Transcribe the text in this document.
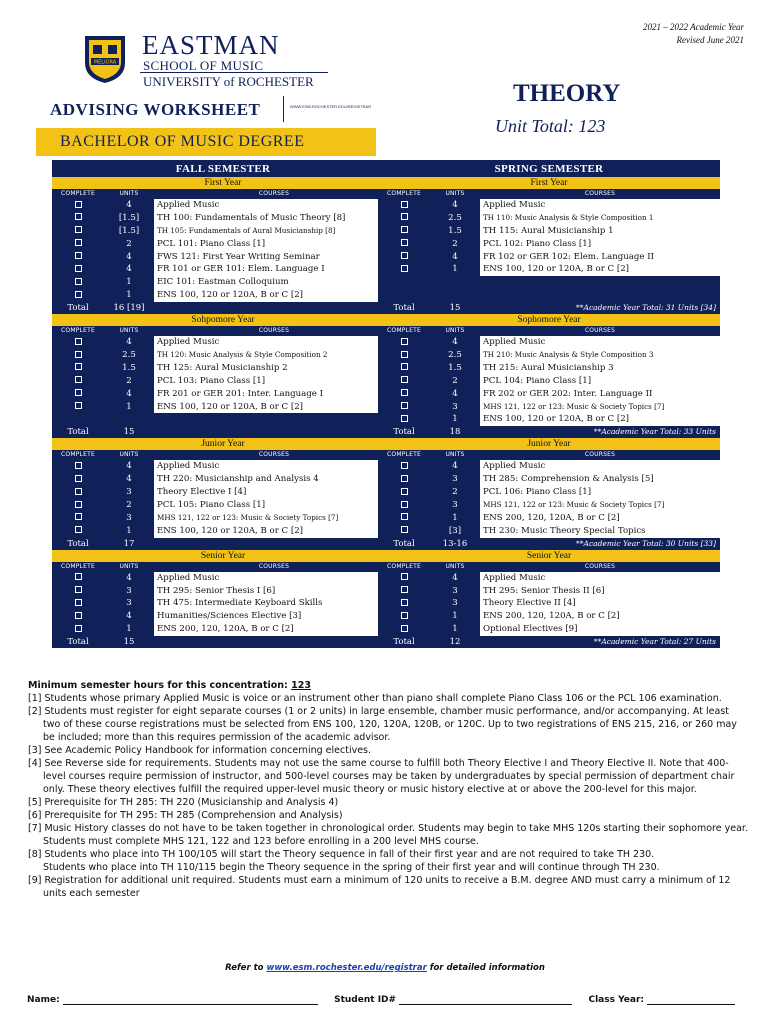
MELIORA
EASTMAN
SCHOOL OF MUSIC
UNIVERSITY of ROCHESTER
ADVISING WORKSHEET	WWW.ESM.ROCHESTER.EDU/REGISTRAR
BACHELOR OF MUSIC DEGREE
2021 – 2022 Academic Year
Revised June 2021
THEORY
Unit Total: 123
FALL SEMESTER
First Year
COMPLETE	UNITS	COURSES
4	Applied Music
[1.5]	TH 100: Fundamentals of Music Theory [8]
[1.5]	TH 105: Fundamentals of Aural Musicianship [8]
2	PCL 101: Piano Class [1]
4	FWS 121: First Year Writing Seminar
4	FR 101 or GER 101: Elem. Language I
1	EIC 101: Eastman Colloquium
1	ENS 100, 120 or 120A, B or C [2]
Total	16 [19]
Sohpomore Year
COMPLETE	UNITS	COURSES
4	Applied Music
2.5	TH 120: Music Analysis & Style Composition 2
1.5	TH 125: Aural Musicianship 2
2	PCL 103: Piano Class [1]
4	FR 201 or GER 201: Inter. Language I
1	ENS 100, 120 or 120A, B or C [2]
Total	15
Junior Year
COMPLETE	UNITS	COURSES
4	Applied Music
4	TH 220: Musicianship and Analysis 4
3	Theory Elective I [4]
2	PCL 105: Piano Class [1]
3	MHS 121, 122 or 123: Music & Society Topics [7]
1	ENS 100, 120 or 120A, B or C [2]
Total	17
Senior Year
COMPLETE	UNITS	COURSES
4	Applied Music
3	TH 295: Senior Thesis I [6]
3	TH 475: Intermediate Keyboard Skills
4	Humanities/Sciences Elective [3]
1	ENS 200, 120, 120A, B or C [2]
Total	15
SPRING SEMESTER
First Year
COMPLETE	UNITS	COURSES
4	Applied Music
2.5	TH 110: Music Analysis & Style Composition 1
1.5	TH 115: Aural Musicianship 1
2	PCL 102: Piano Class [1]
4	FR 102 or GER 102: Elem. Language II
1	ENS 100, 120 or 120A, B or C [2]
Total	15	**Academic Year Total: 31 Units [34]
Sophomore Year
COMPLETE	UNITS	COURSES
4	Applied Music
2.5	TH 210: Music Analysis & Style Composition 3
1.5	TH 215: Aural Musicianship 3
2	PCL 104: Piano Class [1]
4	FR 202 or GER 202: Inter. Language II
3	MHS 121, 122 or 123: Music & Society Topics [7]
1	ENS 100, 120 or 120A, B or C [2]
Total	18	**Academic Year Total: 33 Units
Junior Year
COMPLETE	UNITS	COURSES
4	Applied Music
3	TH 285: Comprehension & Analysis [5]
2	PCL 106: Piano Class [1]
3	MHS 121, 122 or 123: Music & Society Topics [7]
1	ENS 200, 120, 120A, B or C [2]
[3]	TH 230: Music Theory Special Topics
Total	13-16	**Academic Year Total: 30 Units [33]
Senior Year
COMPLETE	UNITS	COURSES
4	Applied Music
3	TH 295: Senior Thesis II [6]
3	Theory Elective II [4]
1	ENS 200, 120, 120A, B or C [2]
1	Optional Electives [9]
Total	12	**Academic Year Total: 27 Units
Minimum semester hours for this concentration: 123
[1] Students whose primary Applied Music is voice or an instrument other than piano shall complete Piano Class 106 or the PCL 106 examination.
[2] Students must register for eight separate courses (1 or 2 units) in large ensemble, chamber music performance, and/or accompanying. At least two of these course registrations must be selected from ENS 100, 120, 120A, 120B, or 120C. Up to two registrations of ENS 215, 216, or 260 may be included; more than this requires permission of the academic advisor.
[3] See Academic Policy Handbook for information concerning electives.
[4] See Reverse side for requirements. Students may not use the same course to fulfill both Theory Elective I and Theory Elective II. Note that 400-level courses require permission of instructor, and 500-level courses may be taken by undergraduates by special permission of department chair only. These theory electives fulfill the required upper-level music theory or music history elective at or above the 200-level for this major.
[5] Prerequisite for TH 285: TH 220 (Musicianship and Analysis 4)
[6] Prerequisite for TH 295: TH 285 (Comprehension and Analysis)
[7] Music History classes do not have to be taken together in chronological order. Students may begin to take MHS 120s starting their sophomore year. Students must complete MHS 121, 122 and 123 before enrolling in a 200 level MHS course.
[8] Students who place into TH 100/105 will start the Theory sequence in fall of their first year and are not required to take TH 230.
Students who place into TH 110/115 begin the Theory sequence in the spring of their first year and will continue through TH 230.
[9] Registration for additional unit required. Students must earn a minimum of 120 units to receive a B.M. degree AND must carry a minimum of 12 units each semester
Refer to www.esm.rochester.edu/registrar for detailed information
Name:	Student ID#	Class Year:
